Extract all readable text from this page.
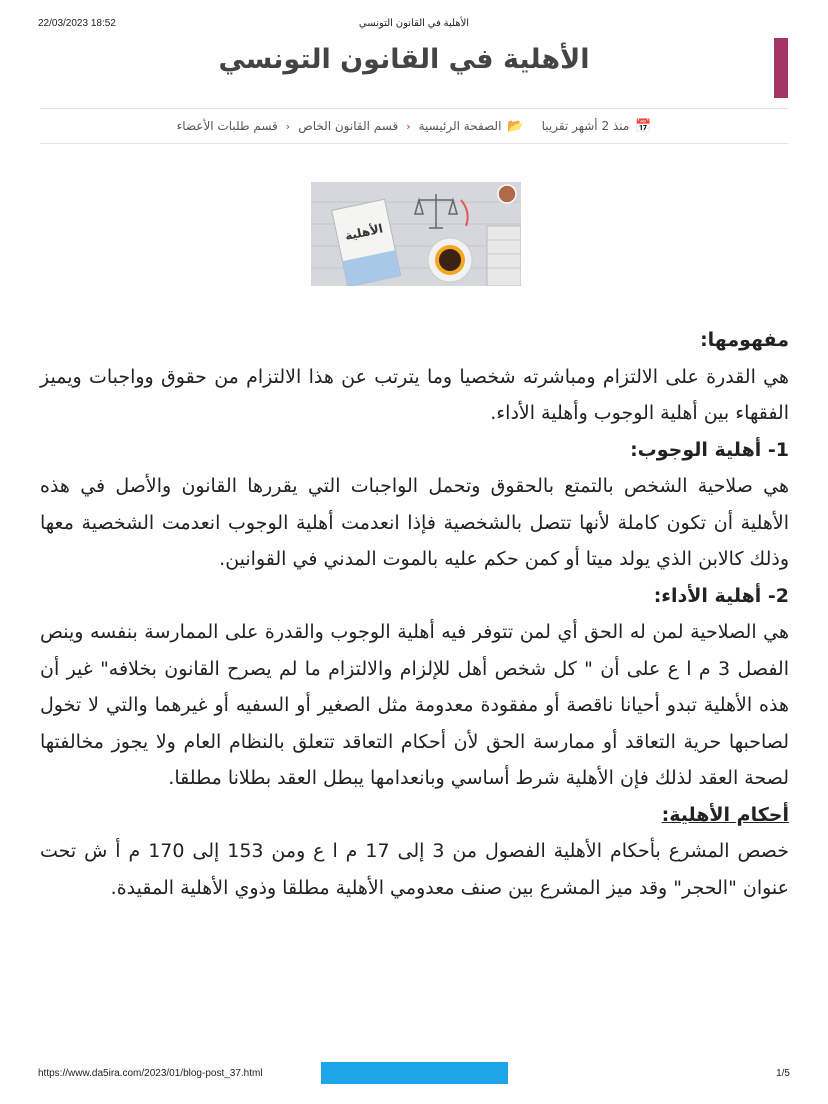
22/03/2023 18:52	الأهلية في القانون التونسي
الأهلية في القانون التونسي
📅
منذ 2 أشهر تقريبا
📂
الصفحة الرئيسية
‹
قسم القانون الخاص
‹
قسم طلبات الأعضاء
الأهلية

مفهومها:

هي القدرة على الالتزام ومباشرته شخصيا وما يترتب عن هذا الالتزام من حقوق وواجبات ويميز الفقهاء بين أهلية الوجوب وأهلية الأداء.

1- أهلية الوجوب:

هي صلاحية الشخص بالتمتع بالحقوق وتحمل الواجبات التي يقررها القانون والأصل في هذه الأهلية أن تكون كاملة لأنها تتصل بالشخصية فإذا انعدمت أهلية الوجوب انعدمت الشخصية معها وذلك كالابن الذي يولد ميتا أو كمن حكم عليه بالموت المدني في القوانين.

2- أهلية الأداء:

هي الصلاحية لمن له الحق أي لمن تتوفر فيه أهلية الوجوب والقدرة على الممارسة بنفسه وينص الفصل 3 م ا ع على أن " كل شخص أهل للإلزام والالتزام ما لم يصرح القانون بخلافه" غير أن هذه الأهلية تبدو أحيانا ناقصة أو مفقودة معدومة مثل الصغير أو السفيه أو غيرهما والتي لا تخول لصاحبها حرية التعاقد أو ممارسة الحق لأن أحكام التعاقد تتعلق بالنظام العام ولا يجوز مخالفتها لصحة العقد لذلك فإن الأهلية شرط أساسي وبانعدامها يبطل العقد بطلانا مطلقا.

أحكام الأهلية:

خصص المشرع بأحكام الأهلية الفصول من 3 إلى 17 م ا ع ومن 153 إلى 170 م أ ش تحت عنوان "الحجر" وقد ميز المشرع بين صنف معدومي الأهلية مطلقا وذوي الأهلية المقيدة.

https://www.da5ira.com/2023/01/blog-post_37.html	1/5
